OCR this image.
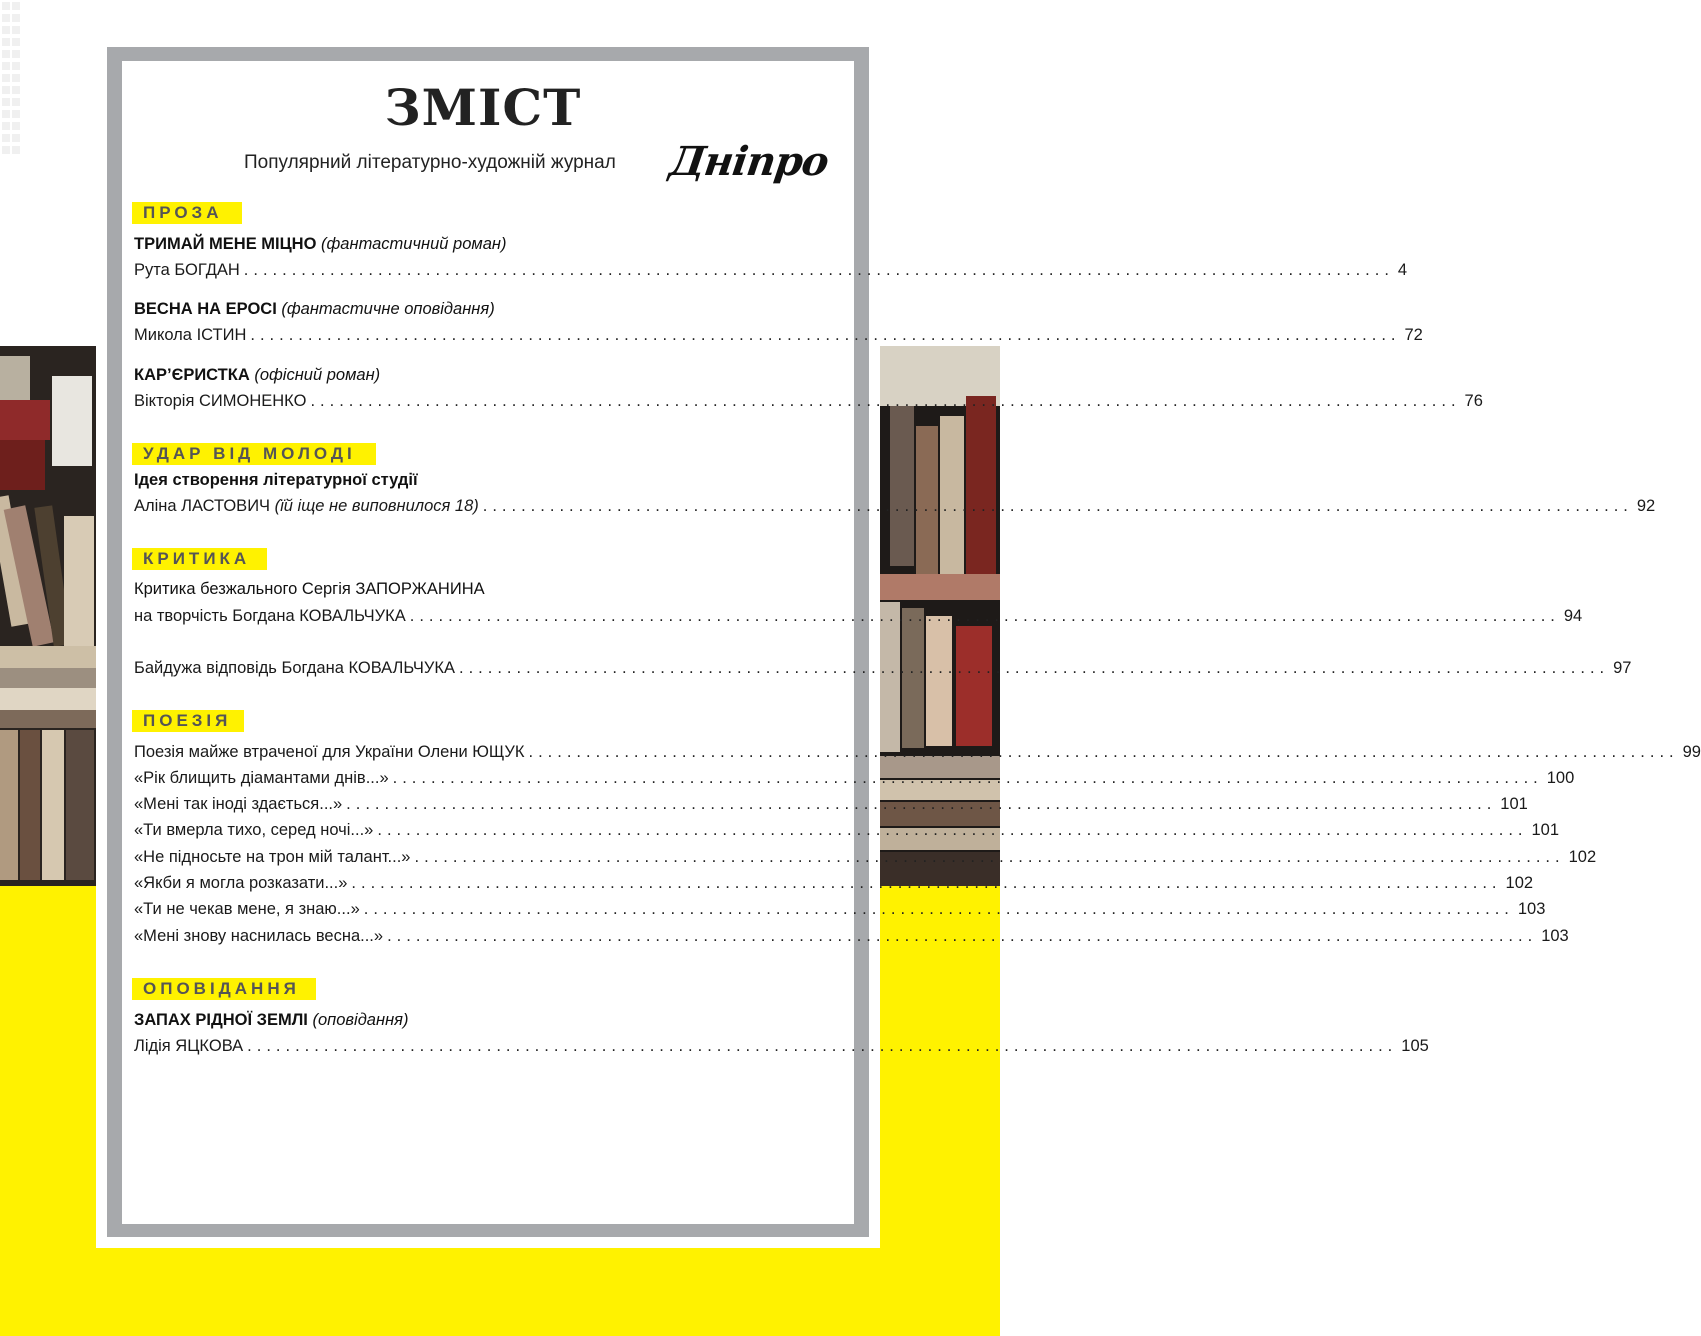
ЗМІСТ
Популярний літературно-художній журнал Дніпро
ПРОЗА
ТРИМАЙ МЕНЕ МІЦНО (фантастичний роман)
Рута БОГДАН ........................................................................................................................ 4
ВЕСНА НА ЕРОСІ (фантастичне оповідання)
Микола ІСТИН ........................................................................................................................ 72
КАР’ЄРИСТКА (офісний роман)
Вікторія СИМОНЕНКО ........................................................................................................................ 76
УДАР ВІД МОЛОДІ
Ідея створення літературної студії
Аліна ЛАСТОВИЧ (їй іще не виповнилося 18) ........................................................................................................................ 92
КРИТИКА
Критика безжального Сергія ЗАПОРЖАНИНА
на творчість Богдана КОВАЛЬЧУКА ........................................................................................................................ 94
Байдужа відповідь Богдана КОВАЛЬЧУКА ........................................................................................................................ 97
ПОЕЗІЯ
Поезія майже втраченої для України Олени ЮЩУК ........................................................................................................................ 99
«Рік блищить діамантами днів...» ........................................................................................................................ 100
«Мені так іноді здається...» ........................................................................................................................ 101
«Ти вмерла тихо, серед ночі...» ........................................................................................................................ 101
«Не підносьте на трон мій талант...» ........................................................................................................................ 102
«Якби я могла розказати...» ........................................................................................................................ 102
«Ти не чекав мене, я знаю...» ........................................................................................................................ 103
«Мені знову наснилась весна...» ........................................................................................................................ 103
ОПОВІДАННЯ
ЗАПАХ РІДНОЇ ЗЕМЛІ (оповідання)
Лідія ЯЦКОВА ........................................................................................................................ 105
